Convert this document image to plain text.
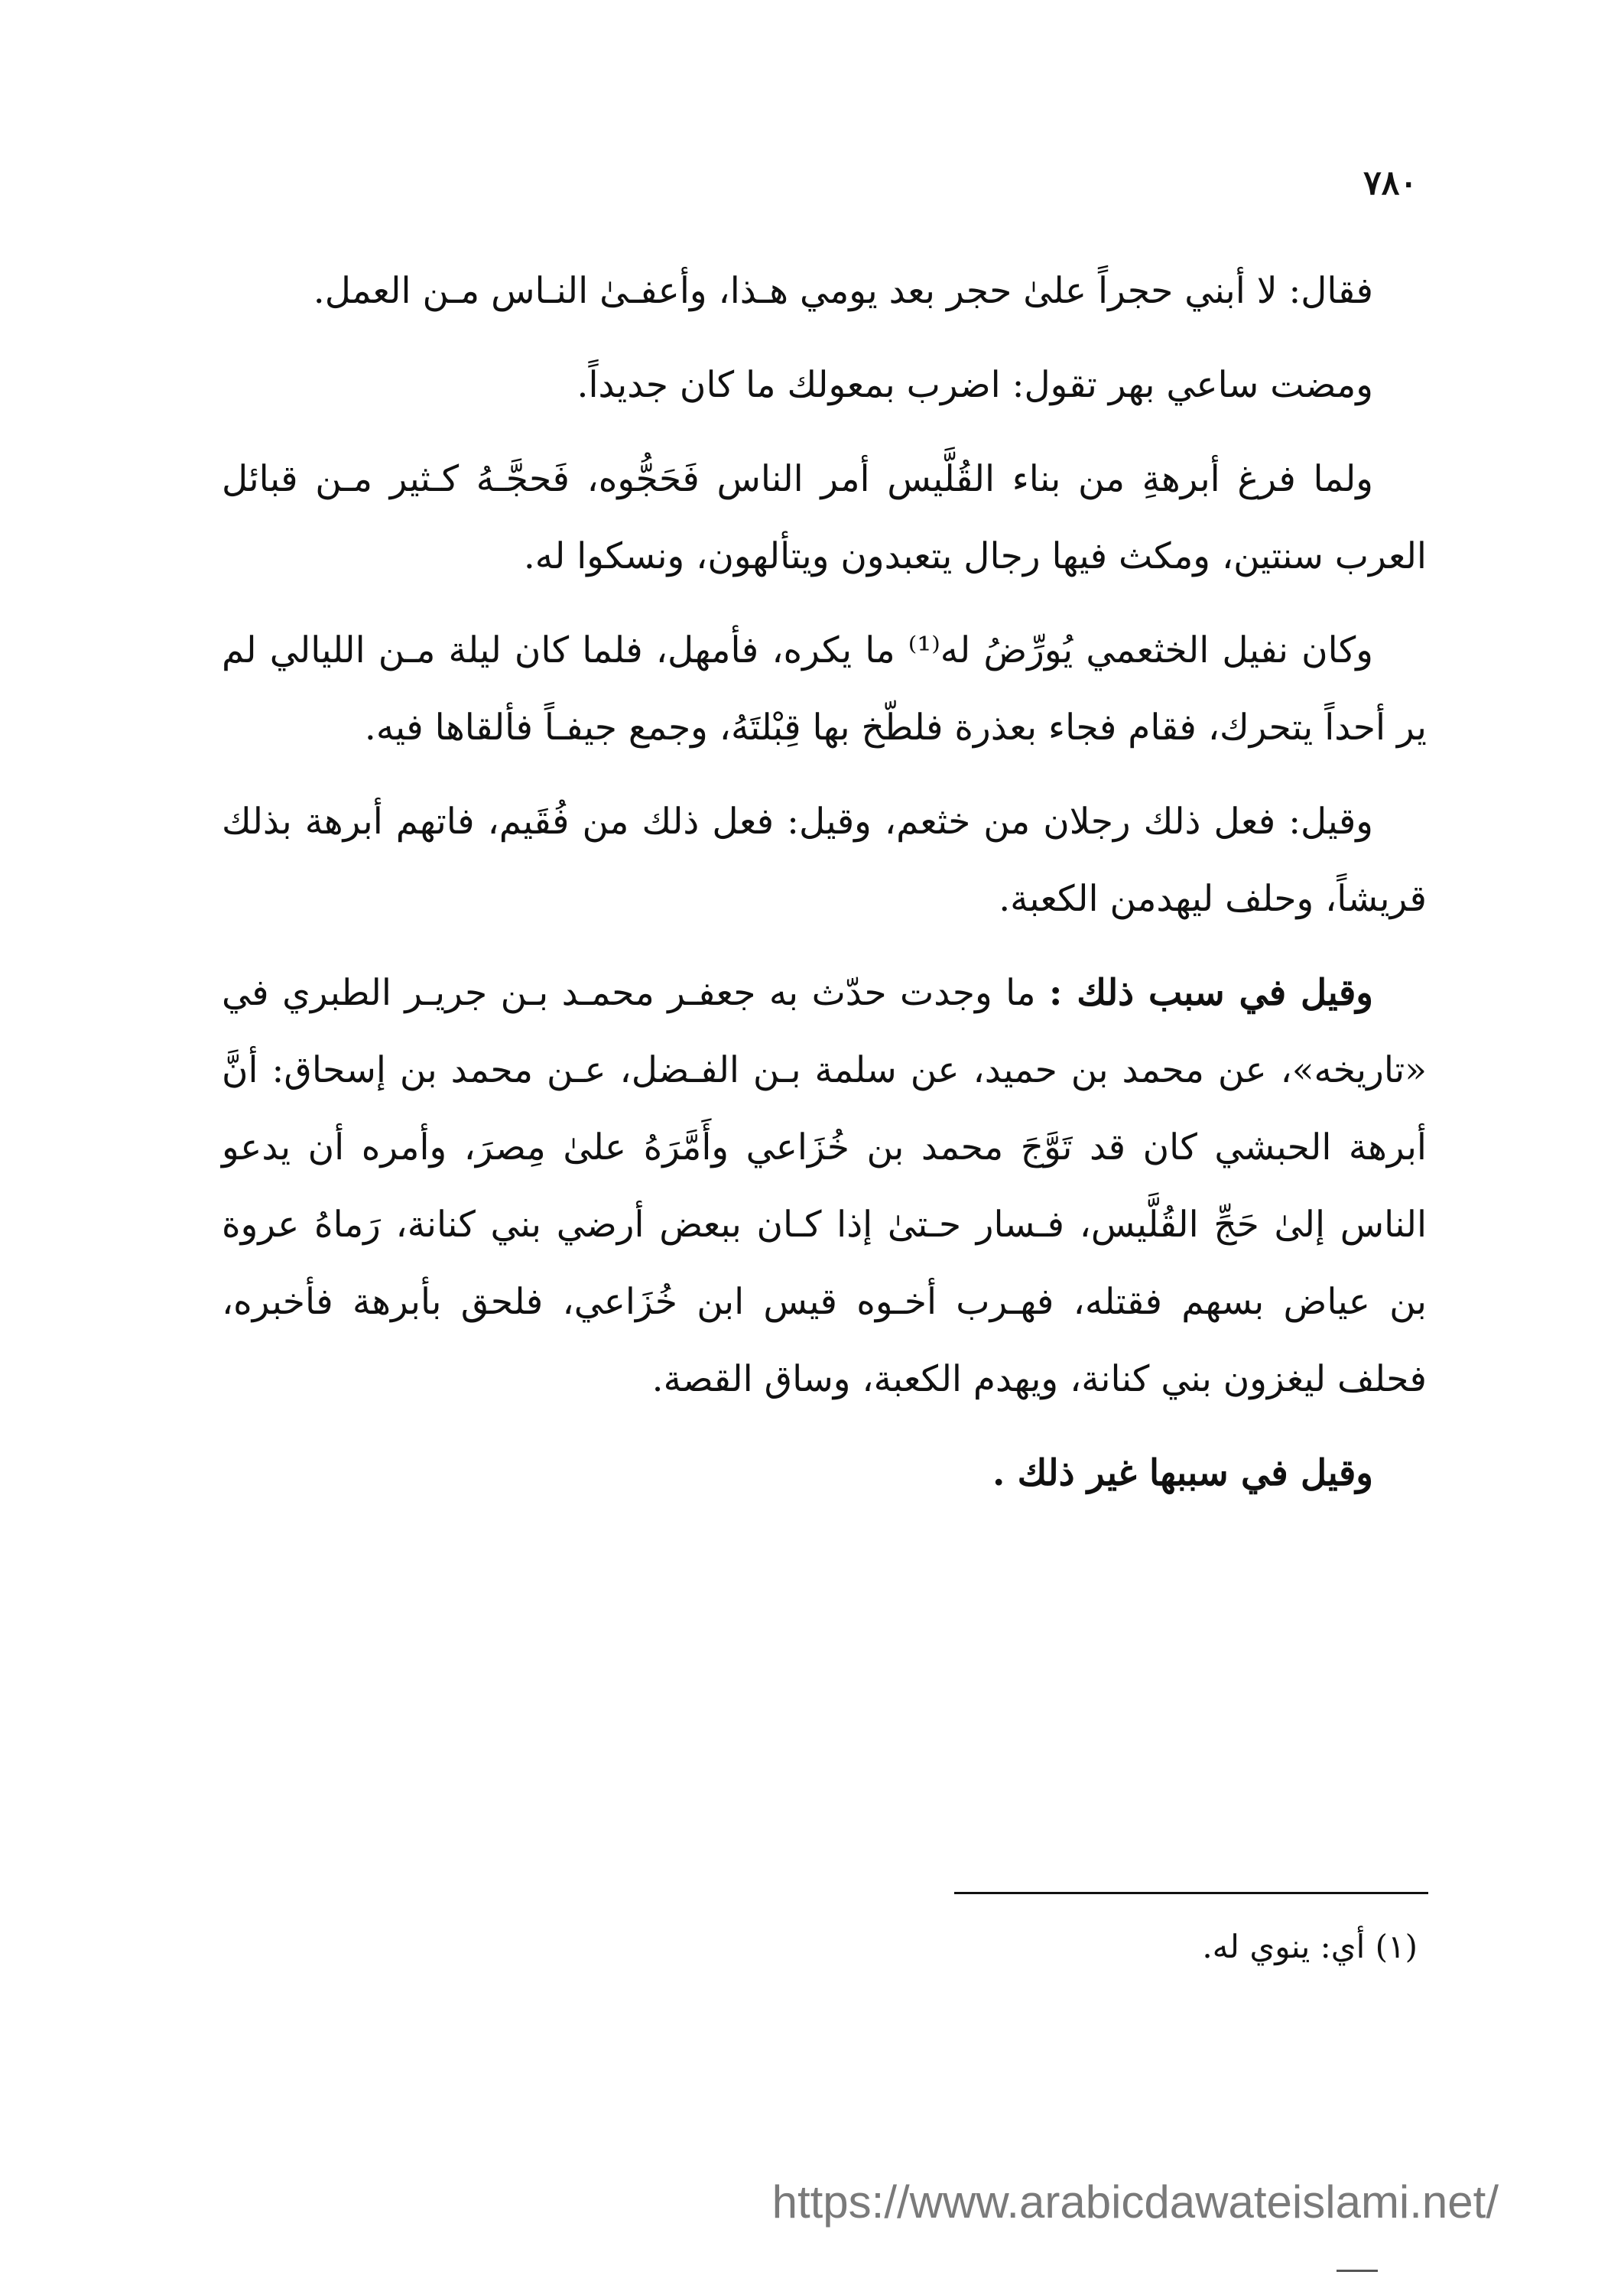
٧٨٠

فقال: لا أبني حجراً علىٰ حجر بعد يومي هـذا، وأعفـىٰ النـاس مـن العمل.

ومضت ساعي بهر تقول: اضرب بمعولك ما كان جديداً.

ولما فرغ أبرهةِ من بناء القُلَّيس أمر الناس فَحَجُّوه، فَحجَّـهُ كـثير مـن قبائل العرب سنتين، ومكث فيها رجال يتعبدون ويتألهون، ونسكوا له.

وكان نفيل الخثعمي يُورِّضُ له⁽¹⁾ ما يكره، فأمهل، فلما كان ليلة مـن الليالي لم ير أحداً يتحرك، فقام فجاء بعذرة فلطّخ بها قِبْلتَهُ، وجمع جيفـاً فألقاها فيه.

وقيل: فعل ذلك رجلان من خثعم، وقيل: فعل ذلك من فُقَيم، فاتهم أبرهة بذلك قريشاً، وحلف ليهدمن الكعبة.

وقيل في سبب ذلك : ما وجدت حدّث به جعفـر محمـد بـن جريـر الطبري في «تاريخه»، عن محمد بن حميد، عن سلمة بـن الفـضل، عـن محمد بن إسحاق: أنَّ أبرهة الحبشي كان قد تَوَّجَ محمد بن خُزَاعي وأَمَّرَهُ علىٰ مِصرَ، وأمره أن يدعو الناس إلىٰ حَجِّ القُلَّيس، فـسار حـتىٰ إذا كـان ببعض أرضي بني كنانة، رَماهُ عروة بن عياض بسهم فقتله، فهـرب أخـوه قيس ابن خُزَاعي، فلحق بأبرهة فأخبره، فحلف ليغزون بني كنانة، ويهدم الكعبة، وساق القصة.

وقيل في سببها غير ذلك .

(١) أي: ينوي له.
https://www.arabicdawateislami.net/
